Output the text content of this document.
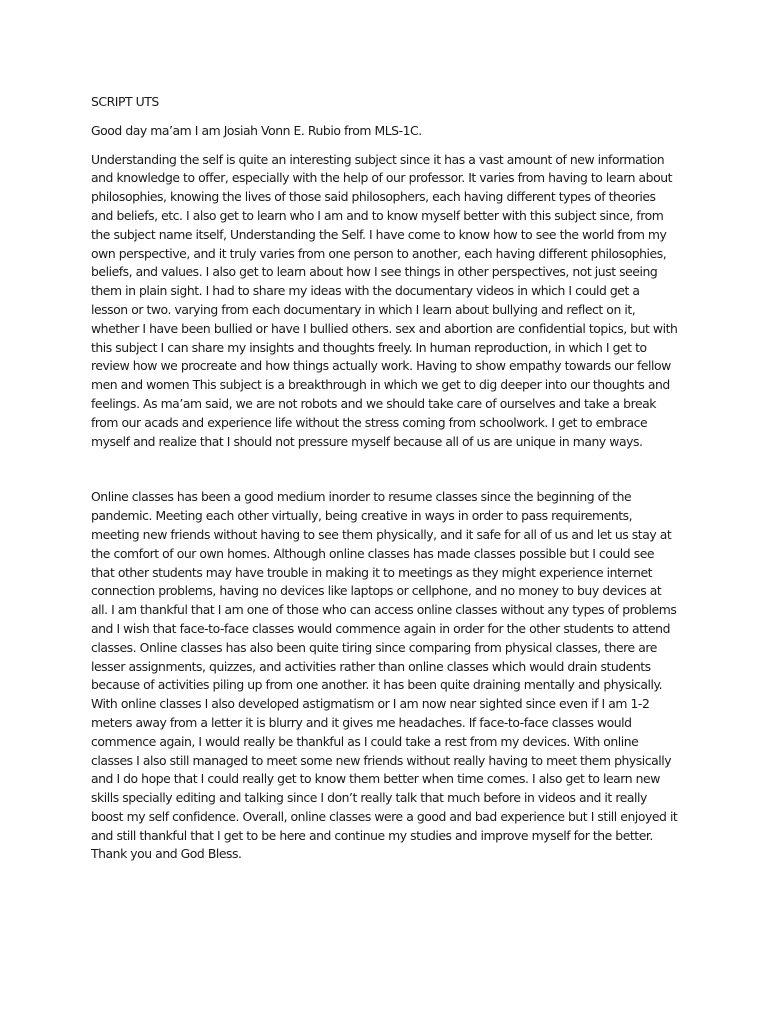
SCRIPT UTS

Good day ma’am I am Josiah Vonn E. Rubio from MLS-1C.

Understanding the self is quite an interesting subject since it has a vast amount of new information and knowledge to offer, especially with the help of our professor. It varies from having to learn about philosophies, knowing the lives of those said philosophers, each having different types of theories and beliefs, etc. I also get to learn who I am and to know myself better with this subject since, from the subject name itself, Understanding the Self. I have come to know how to see the world from my own perspective, and it truly varies from one person to another, each having different philosophies, beliefs, and values. I also get to learn about how I see things in other perspectives, not just seeing them in plain sight. I had to share my ideas with the documentary videos in which I could get a lesson or two. varying from each documentary in which I learn about bullying and reflect on it, whether I have been bullied or have I bullied others. sex and abortion are confidential topics, but with this subject I can share my insights and thoughts freely. In human reproduction, in which I get to review how we procreate and how things actually work. Having to show empathy towards our fellow men and women This subject is a breakthrough in which we get to dig deeper into our thoughts and feelings. As ma’am said, we are not robots and we should take care of ourselves and take a break from our acads and experience life without the stress coming from schoolwork. I get to embrace myself and realize that I should not pressure myself because all of us are unique in many ways.

Online classes has been a good medium inorder to resume classes since the beginning of the pandemic. Meeting each other virtually, being creative in ways in order to pass requirements, meeting new friends without having to see them physically, and it safe for all of us and let us stay at the comfort of our own homes. Although online classes has made classes possible but I could see that other students may have trouble in making it to meetings as they might experience internet connection problems, having no devices like laptops or cellphone, and no money to buy devices at all. I am thankful that I am one of those who can access online classes without any types of problems and I wish that face-to-face classes would commence again in order for the other students to attend classes. Online classes has also been quite tiring since comparing from physical classes, there are lesser assignments, quizzes, and activities rather than online classes which would drain students because of activities piling up from one another. it has been quite draining mentally and physically. With online classes I also developed astigmatism or I am now near sighted since even if I am 1-2 meters away from a letter it is blurry and it gives me headaches. If face-to-face classes would commence again, I would really be thankful as I could take a rest from my devices. With online classes I also still managed to meet some new friends without really having to meet them physically and I do hope that I could really get to know them better when time comes. I also get to learn new skills specially editing and talking since I don’t really talk that much before in videos and it really boost my self confidence. Overall, online classes were a good and bad experience but I still enjoyed it and still thankful that I get to be here and continue my studies and improve myself for the better. Thank you and God Bless.
